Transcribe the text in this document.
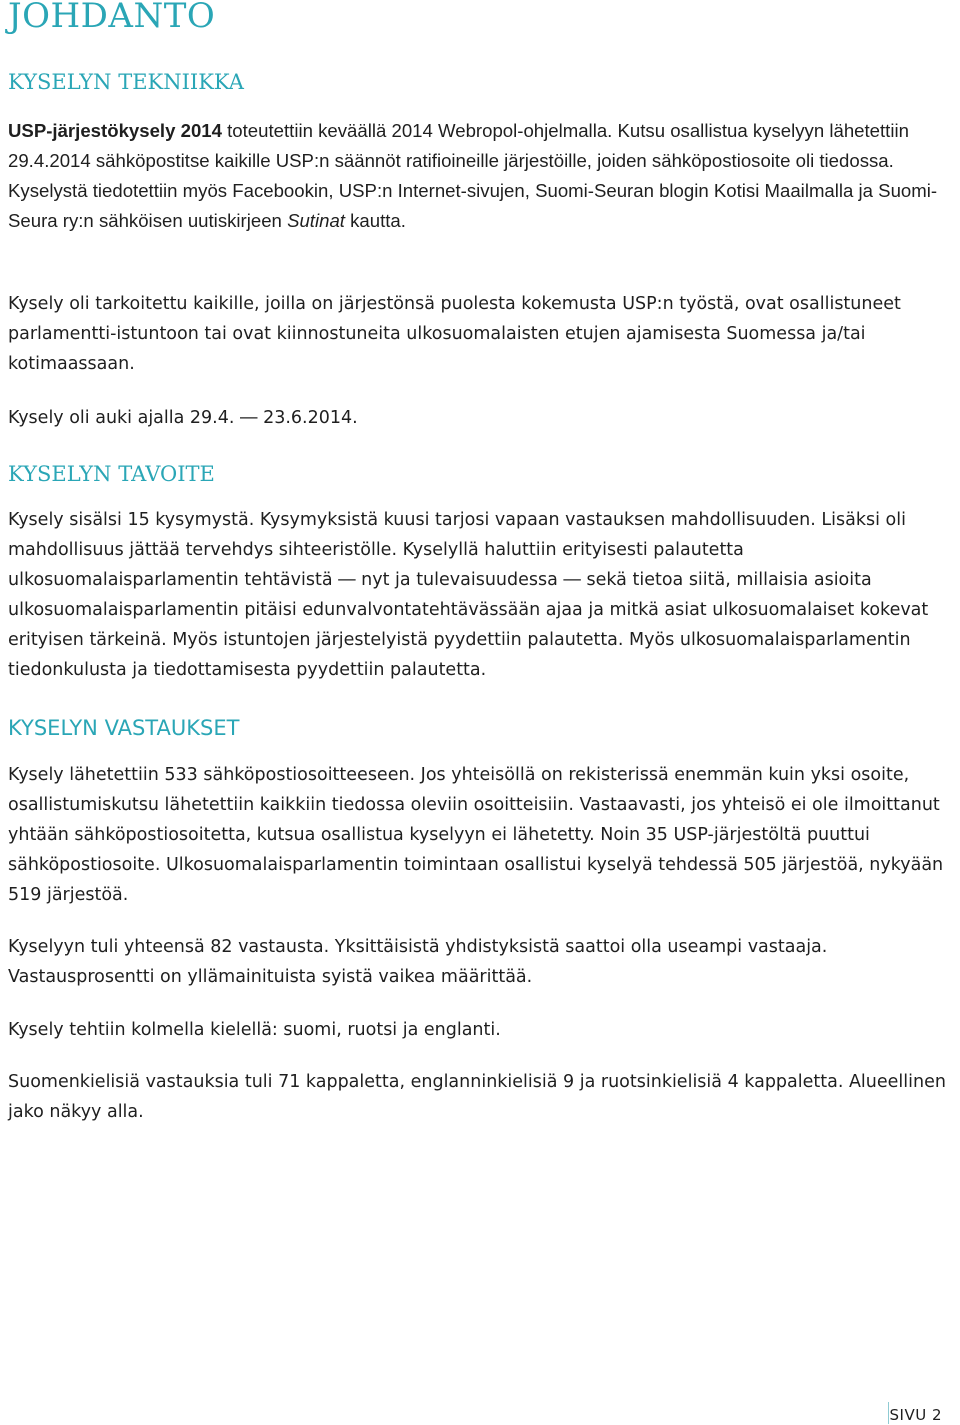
JOHDANTO
KYSELYN TEKNIIKKA

USP-järjestökysely 2014 toteutettiin keväällä 2014 Webropol-ohjelmalla. Kutsu osallistua kyselyyn lähetettiin 29.4.2014 sähköpostitse kaikille USP:n säännöt ratifioineille järjestöille, joiden sähköpostiosoite oli tiedossa. Kyselystä tiedotettiin myös Facebookin, USP:n Internet-sivujen, Suomi-Seuran blogin Kotisi Maailmalla ja Suomi-Seura ry:n sähköisen uutiskirjeen Sutinat kautta.

Kysely oli tarkoitettu kaikille, joilla on järjestönsä puolesta kokemusta USP:n työstä, ovat osallistuneet parlamentti-istuntoon tai ovat kiinnostuneita ulkosuomalaisten etujen ajamisesta Suomessa ja/tai kotimaassaan.

Kysely oli auki ajalla 29.4. ― 23.6.2014.

KYSELYN TAVOITE

Kysely sisälsi 15 kysymystä. Kysymyksistä kuusi tarjosi vapaan vastauksen mahdollisuuden. Lisäksi oli mahdollisuus jättää tervehdys sihteeristölle. Kyselyllä haluttiin erityisesti palautetta ulkosuomalaisparlamentin tehtävistä ― nyt ja tulevaisuudessa ― sekä tietoa siitä, millaisia asioita ulkosuomalaisparlamentin pitäisi edunvalvontatehtävässään ajaa ja mitkä asiat ulkosuomalaiset kokevat erityisen tärkeinä. Myös istuntojen järjestelyistä pyydettiin palautetta. Myös ulkosuomalaisparlamentin tiedonkulusta ja tiedottamisesta pyydettiin palautetta.

KYSELYN VASTAUKSET

Kysely lähetettiin 533 sähköpostiosoitteeseen. Jos yhteisöllä on rekisterissä enemmän kuin yksi osoite, osallistumiskutsu lähetettiin kaikkiin tiedossa oleviin osoitteisiin. Vastaavasti, jos yhteisö ei ole ilmoittanut yhtään sähköpostiosoitetta, kutsua osallistua kyselyyn ei lähetetty. Noin 35 USP-järjestöltä puuttui sähköpostiosoite. Ulkosuomalaisparlamentin toimintaan osallistui kyselyä tehdessä 505 järjestöä, nykyään 519 järjestöä.

Kyselyyn tuli yhteensä 82 vastausta. Yksittäisistä yhdistyksistä saattoi olla useampi vastaaja. Vastausprosentti on yllämainituista syistä vaikea määrittää.

Kysely tehtiin kolmella kielellä: suomi, ruotsi ja englanti.

Suomenkielisiä vastauksia tuli 71 kappaletta, englanninkielisiä 9 ja ruotsinkielisiä 4 kappaletta. Alueellinen jako näkyy alla.

SIVU 2
